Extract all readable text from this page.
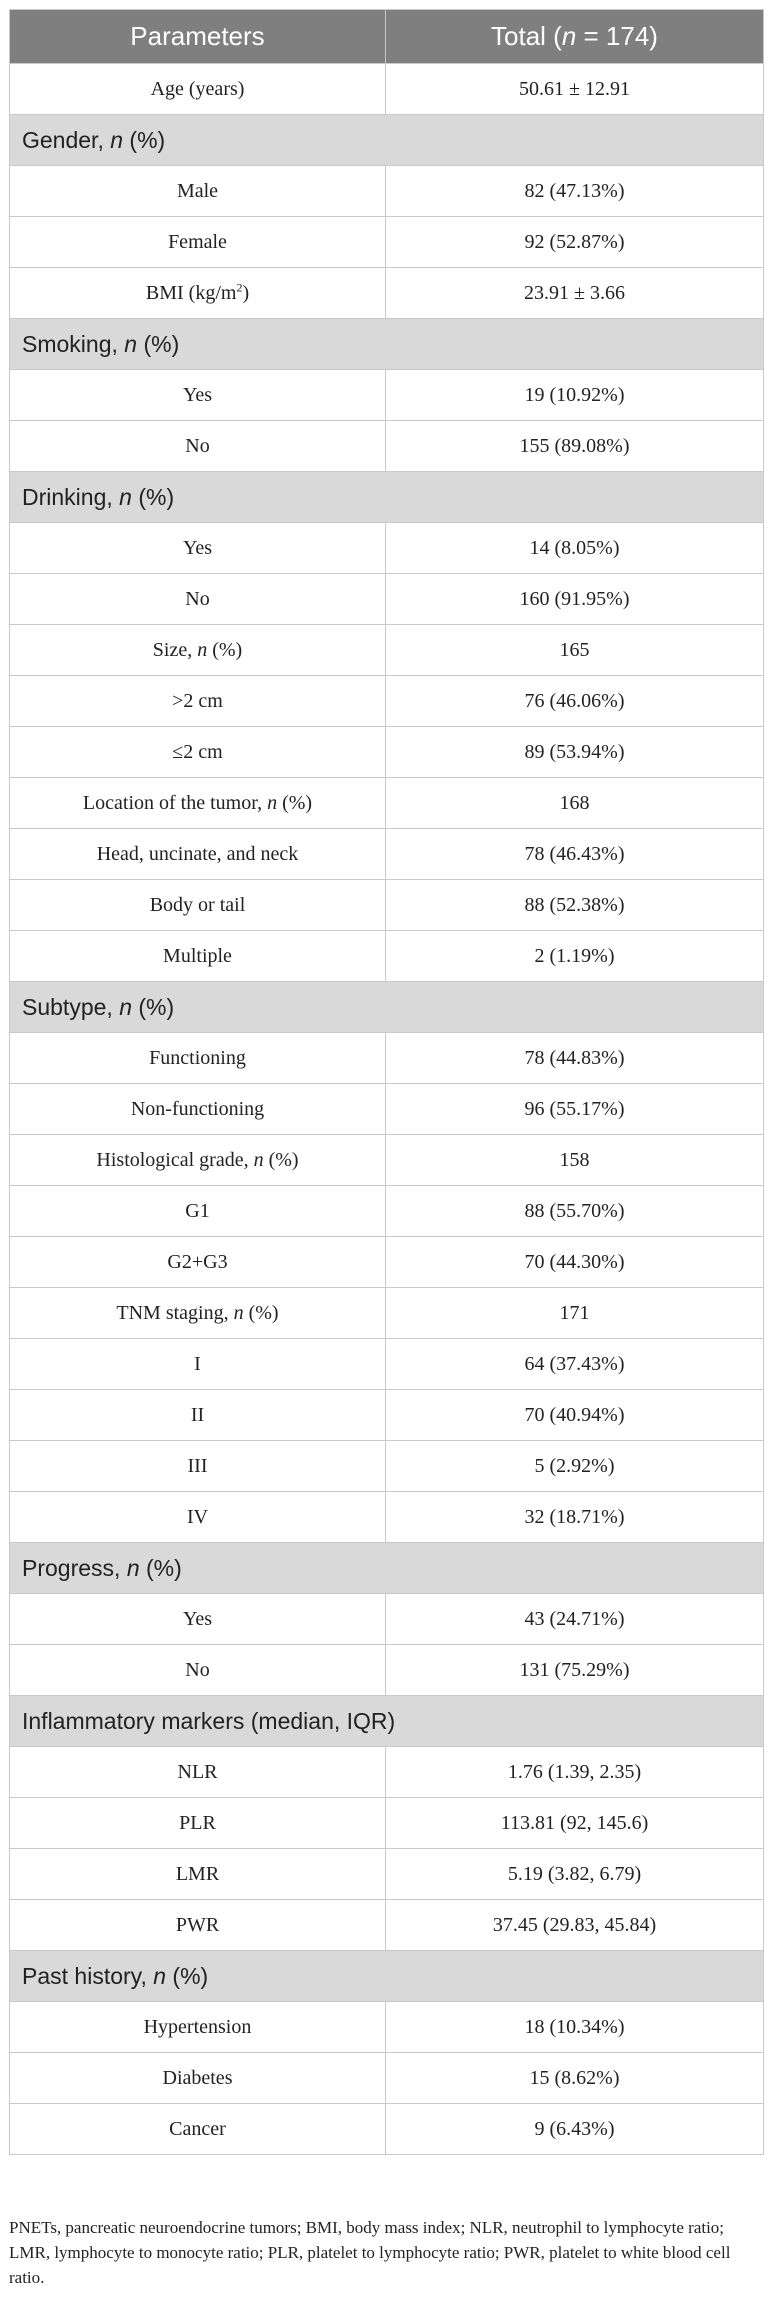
Parameters	Total (n = 174)
Age (years)	50.61 ± 12.91
Gender, n (%)	
Male	82 (47.13%)
Female	92 (52.87%)
BMI $(kg/m^2)$	23.91 ± 3.66
Smoking, n (%)	
Yes	19 (10.92%)
No	155 (89.08%)
Drinking, n (%)	
Yes	14 (8.05%)
No	160 (91.95%)
Size, n (%)	165
>2 cm	76 (46.06%)
≤2 cm	89 (53.94%)
Location of the tumor, n (%)	168
Head, uncinate, and neck	78 (46.43%)
Body or tail	88 (52.38%)
Multiple	2 (1.19%)
Subtype, n (%)	
Functioning	78 (44.83%)
Non-functioning	96 (55.17%)
Histological grade, n (%)	158
G1	88 (55.70%)
G2+G3	70 (44.30%)
TNM staging, n (%)	171
I	64 (37.43%)
II	70 (40.94%)
III	5 (2.92%)
IV	32 (18.71%)
Progress, n (%)	
Yes	43 (24.71%)
No	131 (75.29%)
Inflammatory markers (median, IQR)	
NLR	1.76 (1.39, 2.35)
PLR	113.81 (92, 145.6)
LMR	5.19 (3.82, 6.79)
PWR	37.45 (29.83, 45.84)
Past history, n (%)	
Hypertension	18 (10.34%)
Diabetes	15 (8.62%)
Cancer	9 (6.43%)
PNETs, pancreatic neuroendocrine tumors; BMI, body mass index; NLR, neutrophil to lymphocyte ratio; LMR, lymphocyte to monocyte ratio; PLR, platelet to lymphocyte ratio; PWR, platelet to white blood cell ratio.
